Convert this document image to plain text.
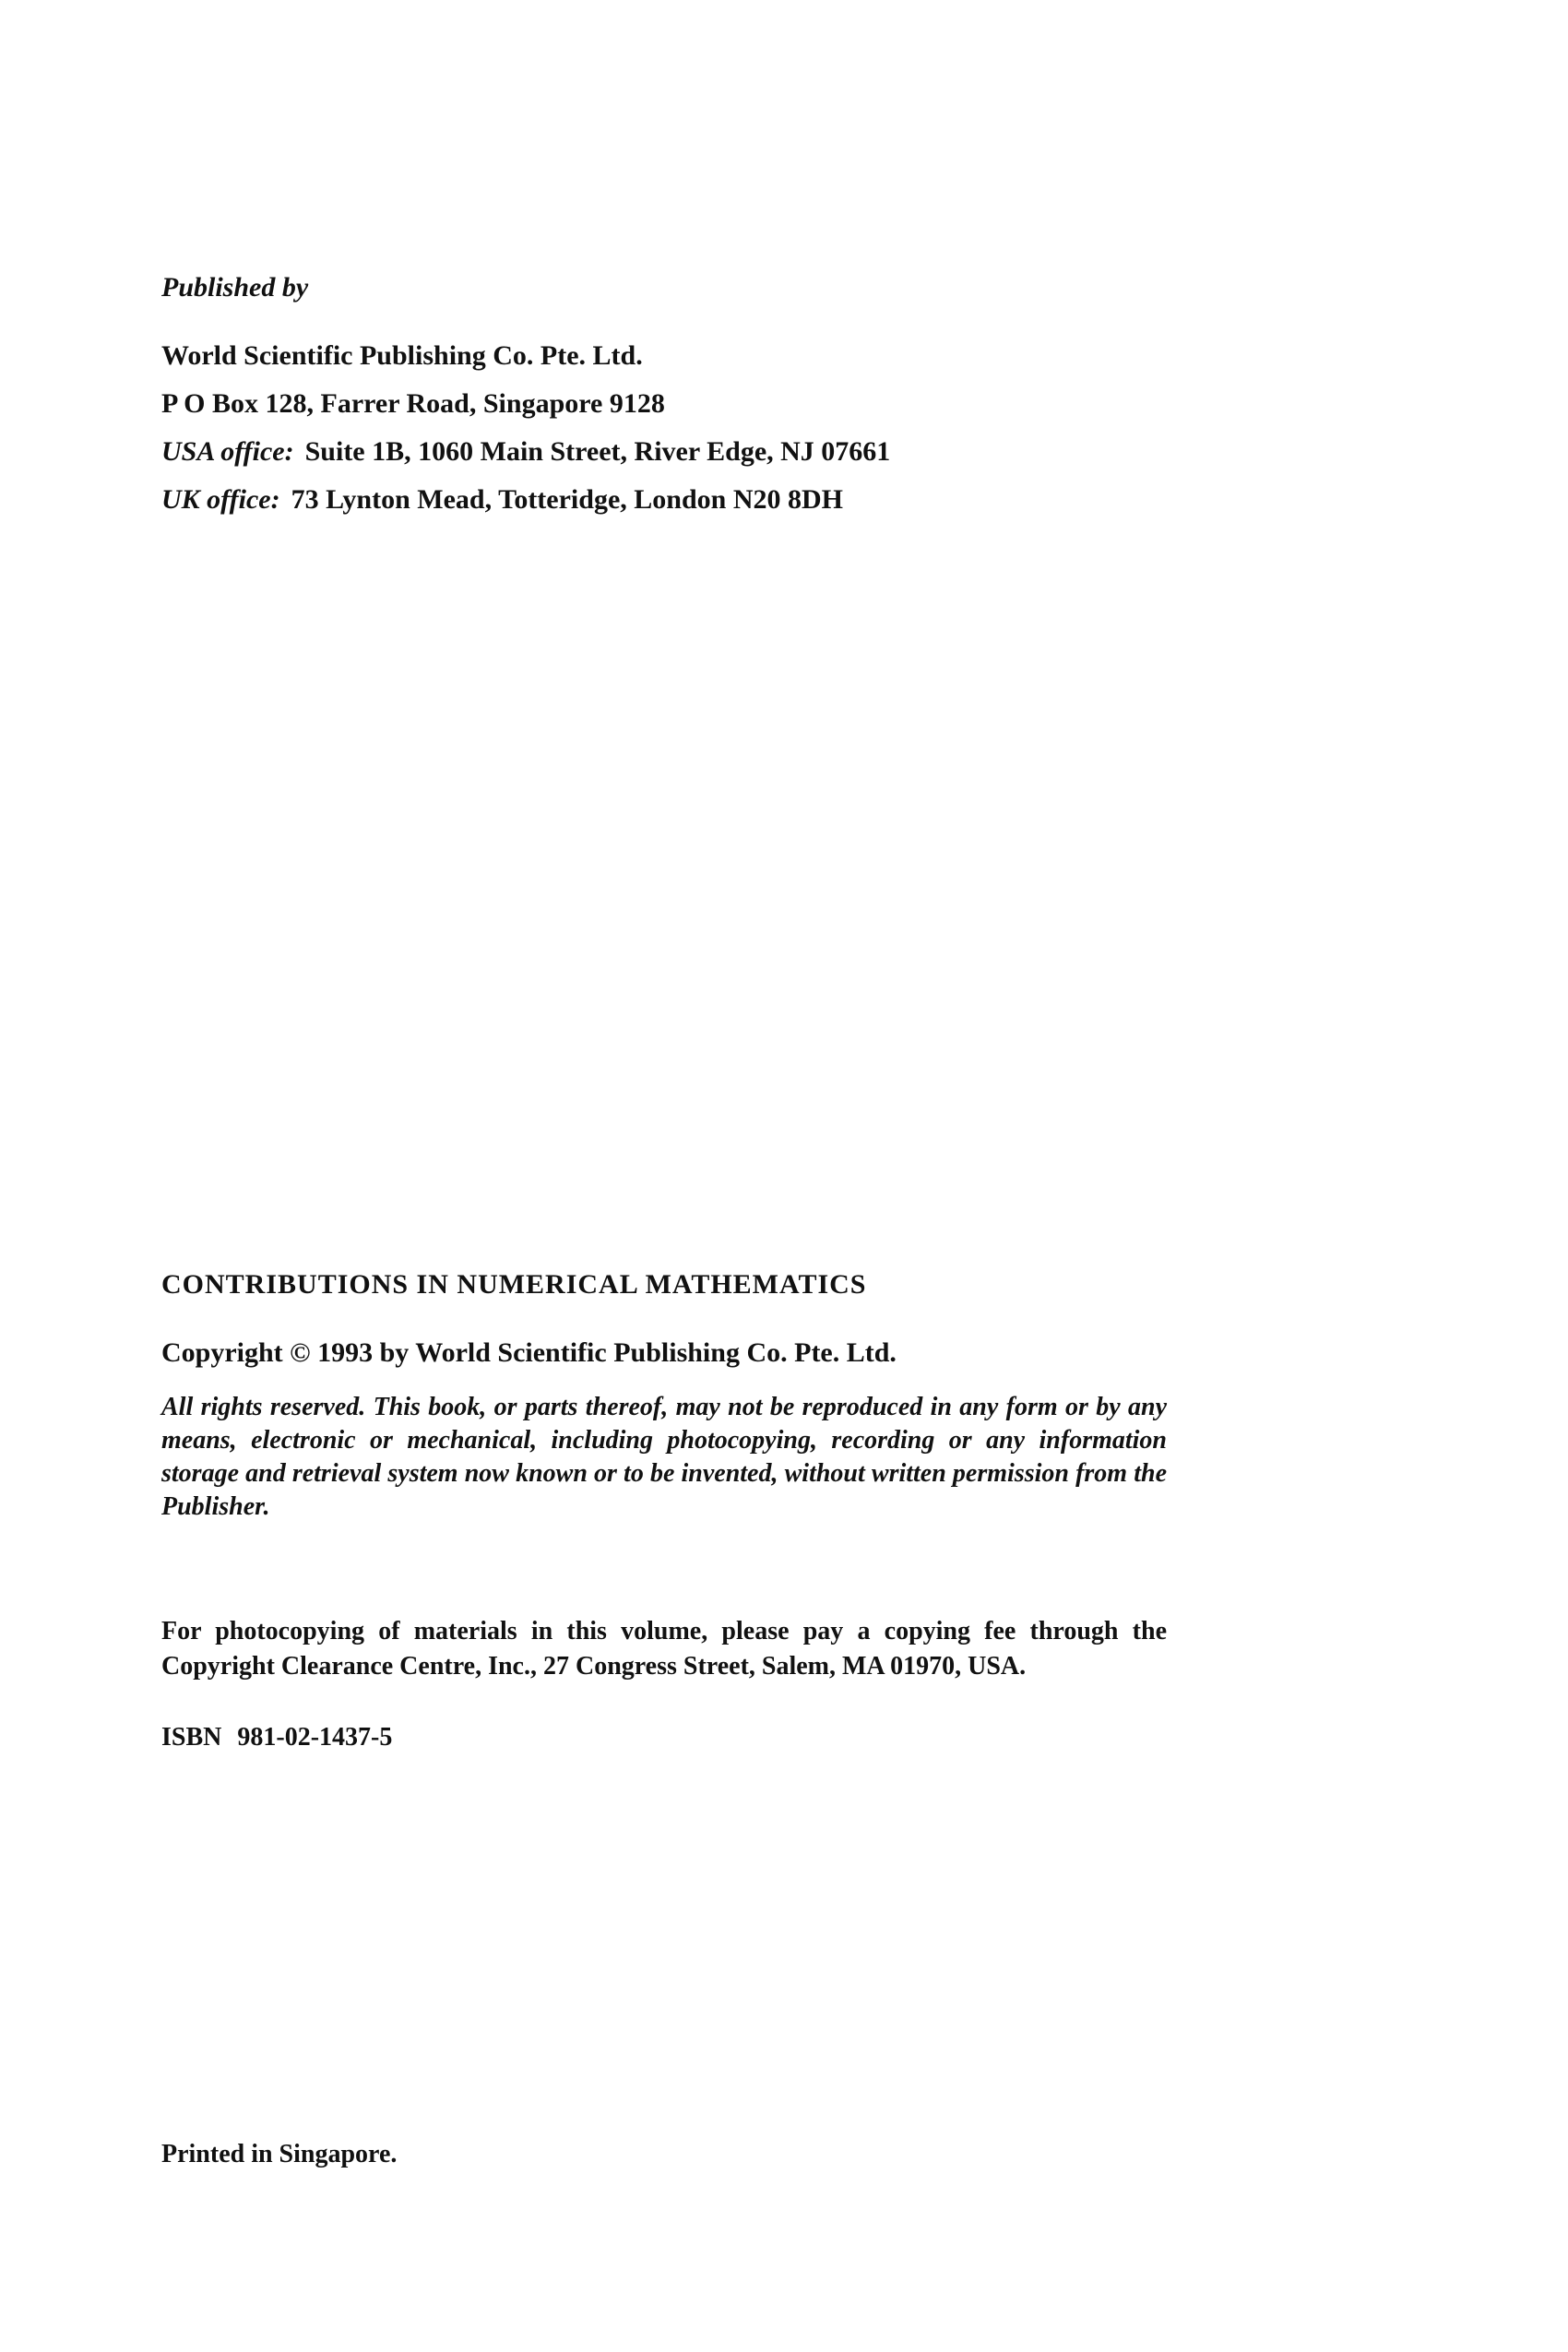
Published by
World Scientific Publishing Co. Pte. Ltd.
P O Box 128, Farrer Road, Singapore 9128
USA office: Suite 1B, 1060 Main Street, River Edge, NJ 07661
UK office: 73 Lynton Mead, Totteridge, London N20 8DH
CONTRIBUTIONS IN NUMERICAL MATHEMATICS
Copyright © 1993 by World Scientific Publishing Co. Pte. Ltd.
All rights reserved. This book, or parts thereof, may not be reproduced in any form or by any means, electronic or mechanical, including photocopying, recording or any information storage and retrieval system now known or to be invented, without written permission from the Publisher.
For photocopying of materials in this volume, please pay a copying fee through the Copyright Clearance Centre, Inc., 27 Congress Street, Salem, MA 01970, USA.
ISBN 981-02-1437-5
Printed in Singapore.
